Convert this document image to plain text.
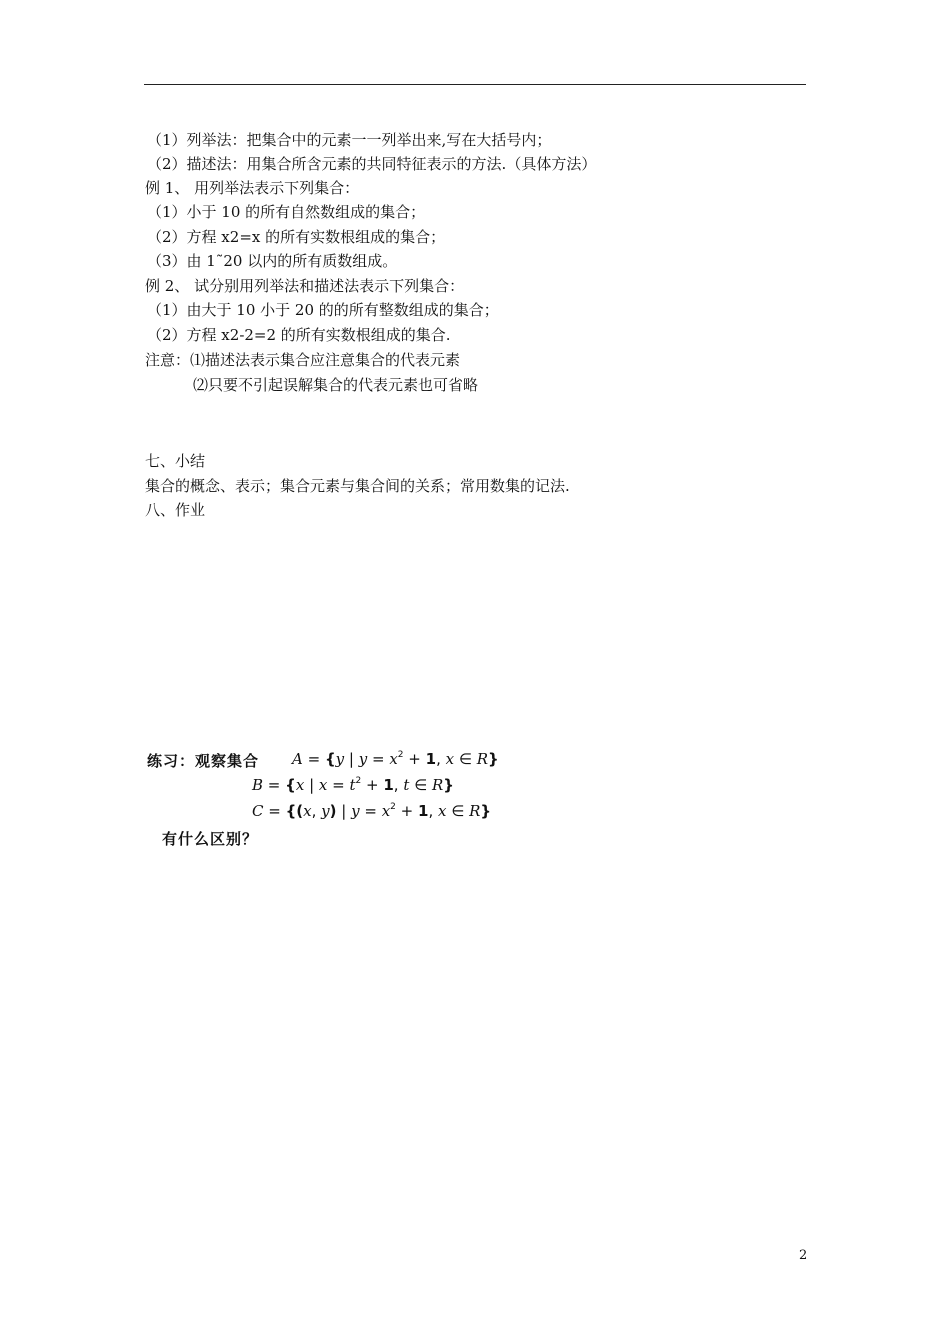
（1）列举法：把集合中的元素一一列举出来,写在大括号内；
（2）描述法：用集合所含元素的共同特征表示的方法.（具体方法）
例 1、 用列举法表示下列集合：
（1）小于 10 的所有自然数组成的集合；
（2）方程 x2=x 的所有实数根组成的集合；
（3）由 1˜20 以内的所有质数组成。
例 2、 试分别用列举法和描述法表示下列集合：
（1）由大于 10 小于 20 的的所有整数组成的集合；
（2）方程 x2-2=2 的所有实数根组成的集合.
注意：⑴描述法表示集合应注意集合的代表元素
⑵只要不引起误解集合的代表元素也可省略
七、小结
集合的概念、表示；集合元素与集合间的关系；常用数集的记法.
八、作业
练习：观察集合 A = {y | $y = x^2 + 1$, x ∈ R}
B = {x | $x = t^2 + 1$, t ∈ R}
C = {(x, y) | $y = x^2 + 1$, x ∈ R}
有什么区别？
2
